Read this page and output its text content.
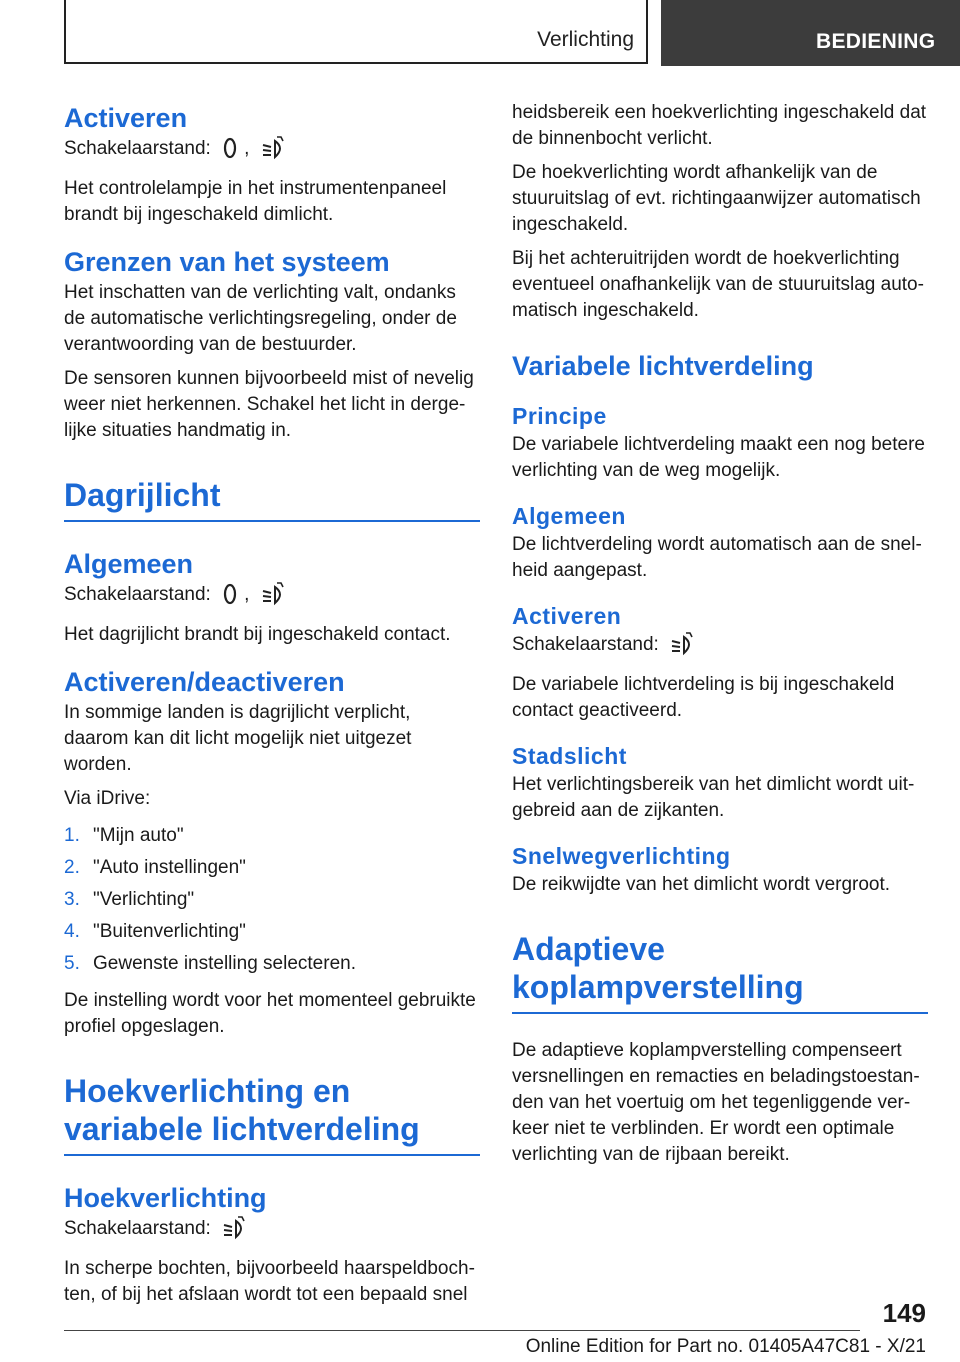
Verlichting	BEDIENING
Activeren

Schakelaarstand: ,

Het controlelampje in het instrumentenpaneel brandt bij ingeschakeld dimlicht.

Grenzen van het systeem

Het inschatten van de verlichting valt, ondanks de automatische verlichtingsregeling, onder de verantwoording van de bestuurder.

De sensoren kunnen bijvoorbeeld mist of nevelig weer niet herkennen. Schakel het licht in dergelijke situaties handmatig in.

Dagrijlicht
Algemeen

Schakelaarstand: ,

Het dagrijlicht brandt bij ingeschakeld contact.

Activeren/deactiveren

In sommige landen is dagrijlicht verplicht, daarom kan dit licht mogelijk niet uitgezet worden.

Via iDrive:

1. "Mijn auto"
2. "Auto instellingen"
3. "Verlichting"
4. "Buitenverlichting"
5. Gewenste instelling selecteren.

De instelling wordt voor het momenteel gebruikte profiel opgeslagen.

Hoekverlichting en
variabele lichtverdeling
Hoekverlichting

Schakelaarstand:

In scherpe bochten, bijvoorbeeld haarspeldbochten, of bij het afslaan wordt tot een bepaald snel

heidsbereik een hoekverlichting ingeschakeld dat de binnenbocht verlicht.

De hoekverlichting wordt afhankelijk van de stuuruitslag of evt. richtingaanwijzer automatisch ingeschakeld.

Bij het achteruitrijden wordt de hoekverlichting eventueel onafhankelijk van de stuuruitslag automatisch ingeschakeld.

Variabele lichtverdeling
Principe

De variabele lichtverdeling maakt een nog betere verlichting van de weg mogelijk.

Algemeen

De lichtverdeling wordt automatisch aan de snelheid aangepast.

Activeren

Schakelaarstand:

De variabele lichtverdeling is bij ingeschakeld contact geactiveerd.

Stadslicht

Het verlichtingsbereik van het dimlicht wordt uitgebreid aan de zijkanten.

Snelwegverlichting

De reikwijdte van het dimlicht wordt vergroot.

Adaptieve
koplampverstelling

De adaptieve koplampverstelling compenseert versnellingen en remacties en beladingstoestanden van het voertuig om het tegenliggende verkeer niet te verblinden. Er wordt een optimale verlichting van de rijbaan bereikt.

149
Online Edition for Part no. 01405A47C81 - X/21
